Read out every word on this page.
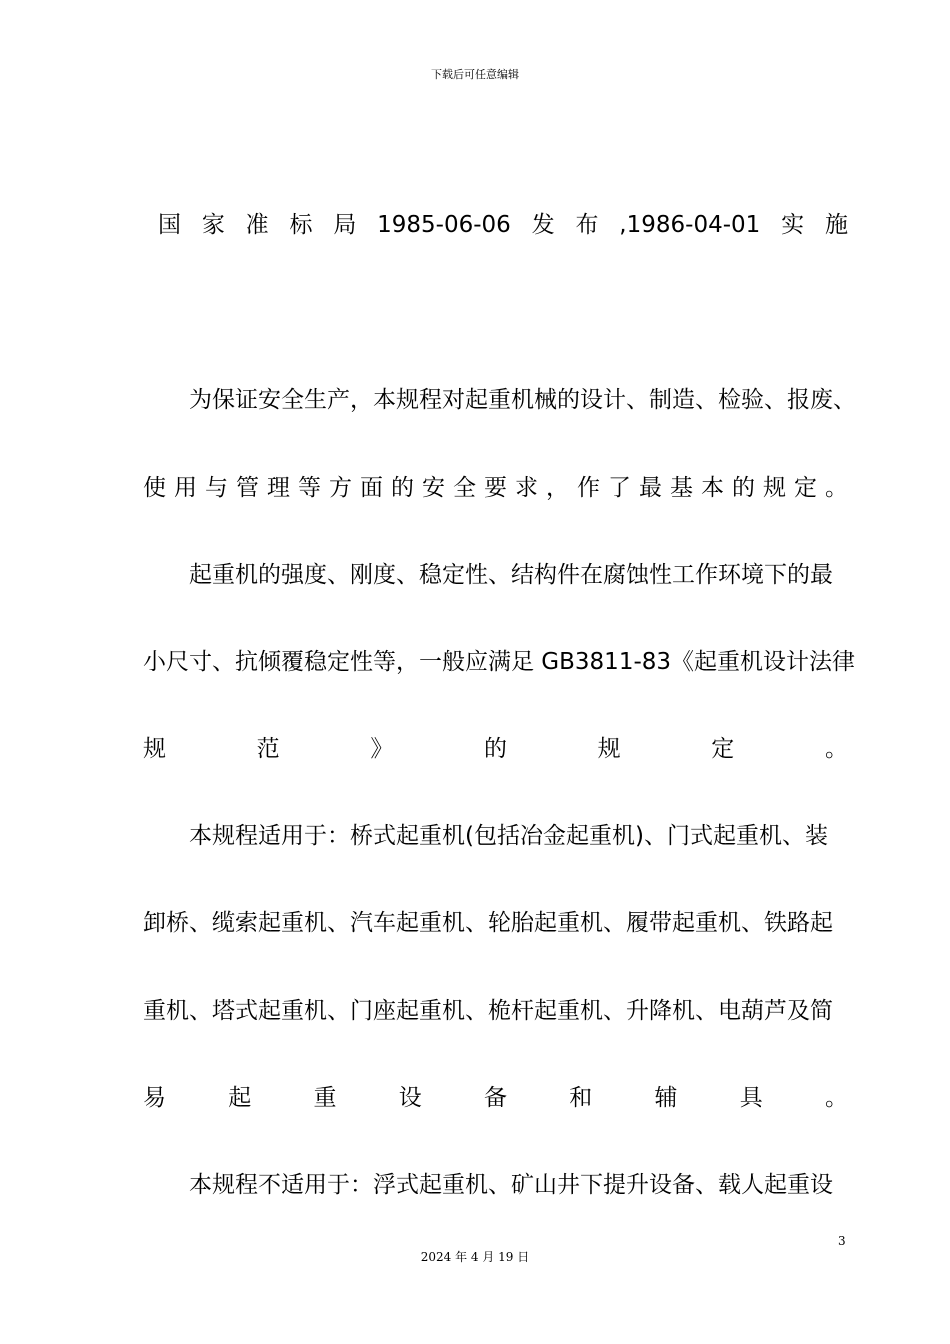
下载后可任意编辑
国 家 准 标 局 1985-06-06 发 布 ,1986-04-01 实 施
为保证安全生产，本规程对起重机械的设计、制造、检验、报废、
使 用 与 管 理 等 方 面 的 安 全 要 求 ， 作 了 最 基 本 的 规 定 。
起重机的强度、刚度、稳定性、结构件在腐蚀性工作环境下的最
小尺寸、抗倾覆稳定性等，一般应满足 GB3811-83《起重机设计法律
规	范	》	的	规	定	。
本规程适用于：桥式起重机(包括冶金起重机)、门式起重机、装
卸桥、缆索起重机、汽车起重机、轮胎起重机、履带起重机、铁路起
重机、塔式起重机、门座起重机、桅杆起重机、升降机、电葫芦及简
易	起	重	设	备	和	辅	具	。
本规程不适用于：浮式起重机、矿山井下提升设备、载人起重设
3
2024 年 4 月 19 日
